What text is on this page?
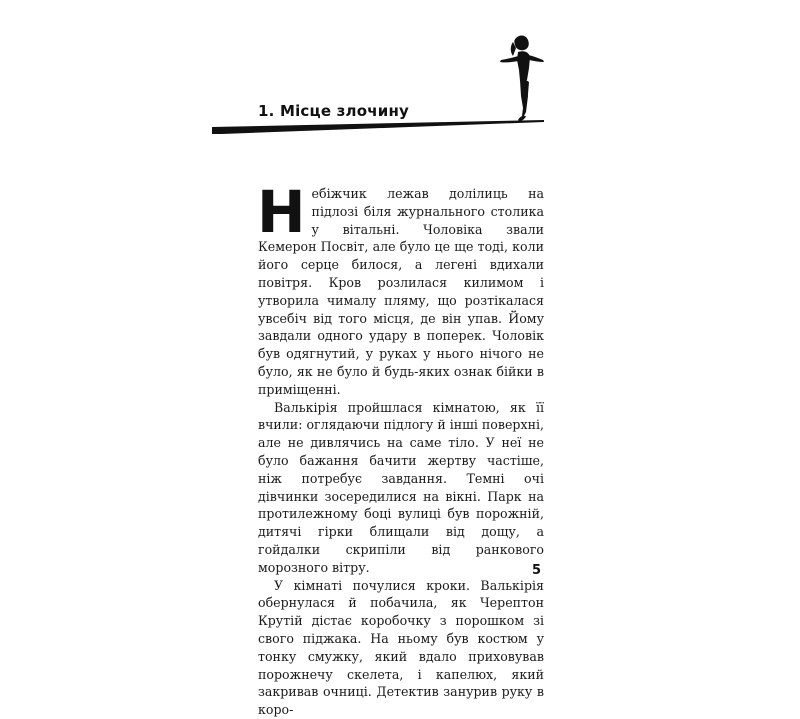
1. Місце злочину

Небіжчик лежав долілиць на підлозі біля журнального столика у вітальні. Чоловіка звали Кемерон Посвіт, але було це ще тоді, коли його серце билося, а легені вдихали повітря. Кров розлилася килимом і утворила чималу пляму, що розтікалася увсебіч від того місця, де він упав. Йому завдали одного удару в поперек. Чоловік був одягнутий, у руках у нього нічого не було, як не було й будь-яких ознак бійки в приміщенні.

Валькірія пройшлася кімнатою, як її вчили: оглядаючи підлогу й інші поверхні, але не дивлячись на саме тіло. У неї не було бажання бачити жертву частіше, ніж потребує завдання. Темні очі дівчинки зосередилися на вікні. Парк на протилежному боці вулиці був порожній, дитячі гірки блищали від дощу, а гойдалки скрипіли від ранкового морозного вітру.

У кімнаті почулися кроки. Валькірія обернулася й побачила, як Черептон Крутій дістає коробочку з порошком зі свого піджака. На ньому був костюм у тонку смужку, який вдало приховував порожнечу скелета, і капелюх, який закривав очниці. Детектив занурив руку в коро-

5
